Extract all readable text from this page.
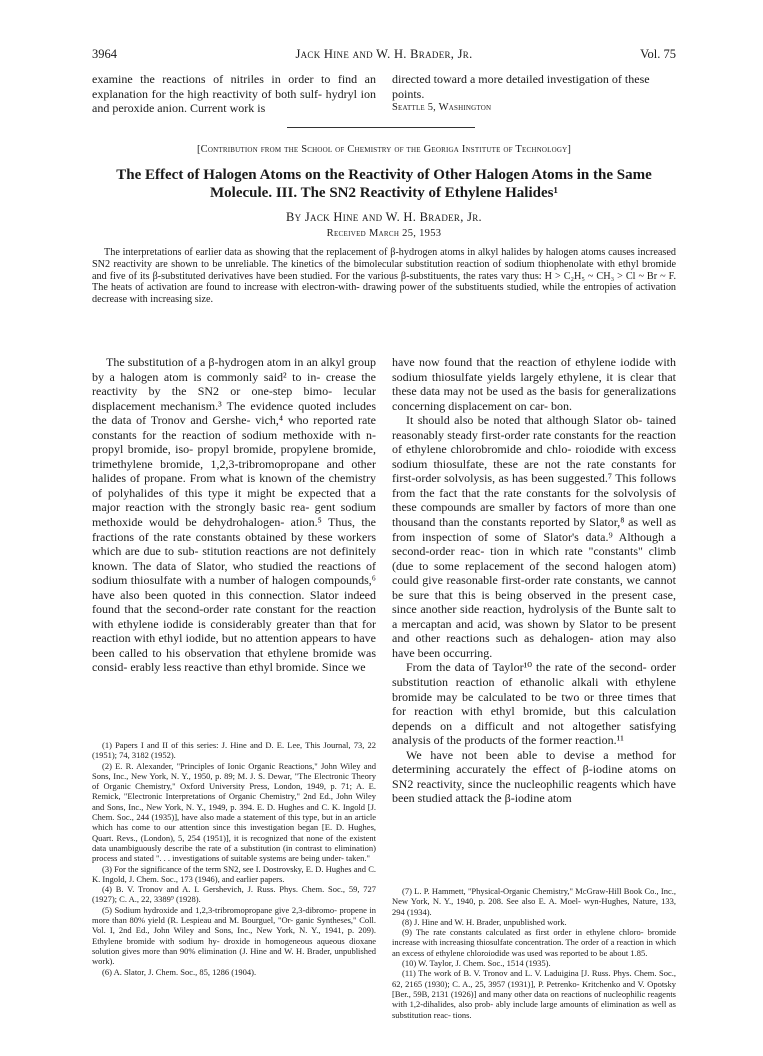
3964	Jack Hine and W. H. Brader, Jr.	Vol. 75
examine the reactions of nitriles in order to find an explanation for the high reactivity of both sulf- hydryl ion and peroxide anion. Current work is
directed toward a more detailed investigation of these points.
Seattle 5, Washington
[Contribution from the School of Chemistry of the Georiga Institute of Technology]
The Effect of Halogen Atoms on the Reactivity of Other Halogen Atoms in the Same Molecule. III. The SN2 Reactivity of Ethylene Halides¹
By Jack Hine and W. H. Brader, Jr.
Received March 25, 1953
The interpretations of earlier data as showing that the replacement of β-hydrogen atoms in alkyl halides by halogen atoms causes increased SN2 reactivity are shown to be unreliable. The kinetics of the bimolecular substitution reaction of sodium thiophenolate with ethyl bromide and five of its β-substituted derivatives have been studied. For the various β-substituents, the rates vary thus: H > C₂H₅ ~ CH₃ > Cl ~ Br ~ F. The heats of activation are found to increase with electron-with- drawing power of the substituents studied, while the entropies of activation decrease with increasing size.

The substitution of a β-hydrogen atom in an alkyl group by a halogen atom is commonly said² to in- crease the reactivity by the SN2 or one-step bimo- lecular displacement mechanism.³ The evidence quoted includes the data of Tronov and Gershe- vich,⁴ who reported rate constants for the reaction of sodium methoxide with n-propyl bromide, iso- propyl bromide, propylene bromide, trimethylene bromide, 1,2,3-tribromopropane and other halides of propane. From what is known of the chemistry of polyhalides of this type it might be expected that a major reaction with the strongly basic rea- gent sodium methoxide would be dehydrohalogen- ation.⁵ Thus, the fractions of the rate constants obtained by these workers which are due to sub- stitution reactions are not definitely known. The data of Slator, who studied the reactions of sodium thiosulfate with a number of halogen compounds,⁶ have also been quoted in this connection. Slator indeed found that the second-order rate constant for the reaction with ethylene iodide is considerably greater than that for reaction with ethyl iodide, but no attention appears to have been called to his observation that ethylene bromide was consid- erably less reactive than ethyl bromide. Since we

have now found that the reaction of ethylene iodide with sodium thiosulfate yields largely ethylene, it is clear that these data may not be used as the basis for generalizations concerning displacement on car- bon.

It should also be noted that although Slator ob- tained reasonably steady first-order rate constants for the reaction of ethylene chlorobromide and chlo- roiodide with excess sodium thiosulfate, these are not the rate constants for first-order solvolysis, as has been suggested.⁷ This follows from the fact that the rate constants for the solvolysis of these compounds are smaller by factors of more than one thousand than the constants reported by Slator,⁸ as well as from inspection of some of Slator's data.⁹ Although a second-order reac- tion in which rate "constants" climb (due to some replacement of the second halogen atom) could give reasonable first-order rate constants, we cannot be sure that this is being observed in the present case, since another side reaction, hydrolysis of the Bunte salt to a mercaptan and acid, was shown by Slator to be present and other reactions such as dehalogen- ation may also have been occurring.

From the data of Taylor¹⁰ the rate of the second- order substitution reaction of ethanolic alkali with ethylene bromide may be calculated to be two or three times that for reaction with ethyl bromide, but this calculation depends on a difficult and not altogether satisfying analysis of the products of the former reaction.¹¹

We have not been able to devise a method for determining accurately the effect of β-iodine atoms on SN2 reactivity, since the nucleophilic reagents which have been studied attack the β-iodine atom

(1) Papers I and II of this series: J. Hine and D. E. Lee, This Journal, 73, 22 (1951); 74, 3182 (1952).

(2) E. R. Alexander, "Principles of Ionic Organic Reactions," John Wiley and Sons, Inc., New York, N. Y., 1950, p. 89; M. J. S. Dewar, "The Electronic Theory of Organic Chemistry," Oxford University Press, London, 1949, p. 71; A. E. Remick, "Electronic Interpretations of Organic Chemistry," 2nd Ed., John Wiley and Sons, Inc., New York, N. Y., 1949, p. 394. E. D. Hughes and C. K. Ingold [J. Chem. Soc., 244 (1935)], have also made a statement of this type, but in an article which has come to our attention since this investigation began [E. D. Hughes, Quart. Revs., (London), 5, 254 (1951)], it is recognized that none of the existent data unambiguously describe the rate of a substitution (in contrast to elimination) process and stated ". . . investigations of suitable systems are being under- taken."

(3) For the significance of the term SN2, see I. Dostrovsky, E. D. Hughes and C. K. Ingold, J. Chem. Soc., 173 (1946), and earlier papers.

(4) B. V. Tronov and A. I. Gershevich, J. Russ. Phys. Chem. Soc., 59, 727 (1927); C. A., 22, 3389⁹ (1928).

(5) Sodium hydroxide and 1,2,3-tribromopropane give 2,3-dibromo- propene in more than 80% yield (R. Lespieau and M. Bourguel, "Or- ganic Syntheses," Coll. Vol. I, 2nd Ed., John Wiley and Sons, Inc., New York, N. Y., 1941, p. 209). Ethylene bromide with sodium hy- droxide in homogeneous aqueous dioxane solution gives more than 90% elimination (J. Hine and W. H. Brader, unpublished work).

(6) A. Slator, J. Chem. Soc., 85, 1286 (1904).

(7) L. P. Hammett, "Physical-Organic Chemistry," McGraw-Hill Book Co., Inc., New York, N. Y., 1940, p. 208. See also E. A. Moel- wyn-Hughes, Nature, 133, 294 (1934).

(8) J. Hine and W. H. Brader, unpublished work.

(9) The rate constants calculated as first order in ethylene chloro- bromide increase with increasing thiosulfate concentration. The order of a reaction in which an excess of ethylene chloroiodide was used was reported to be about 1.85.

(10) W. Taylor, J. Chem. Soc., 1514 (1935).

(11) The work of B. V. Tronov and L. V. Laduigina [J. Russ. Phys. Chem. Soc., 62, 2165 (1930); C. A., 25, 3957 (1931)], P. Petrenko- Kritchenko and V. Opotsky [Ber., 59B, 2131 (1926)] and many other data on reactions of nucleophilic reagents with 1,2-dihalides, also prob- ably include large amounts of elimination as well as substitution reac- tions.
